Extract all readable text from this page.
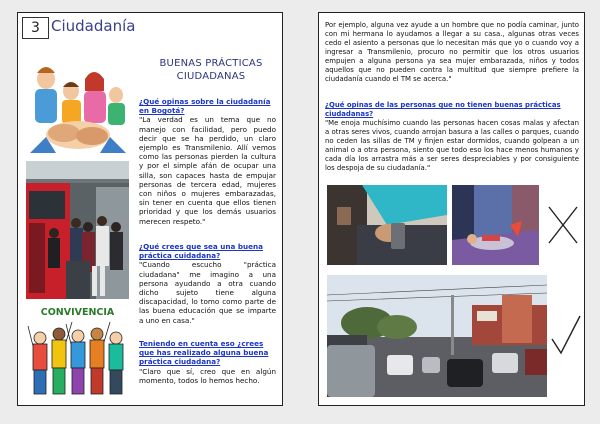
3 Ciudadanía
BUENAS PRÁCTICAS CIUDADANAS
CONVIVENCIA
¿Qué opinas sobre la ciudadanía en Bogotá?
"La verdad es un tema que no manejo con facilidad, pero puedo decir que se ha perdido, un claro ejemplo es Transmilenio. Allí vemos como las personas pierden la cultura y por el simple afán de ocupar una silla, son capaces hasta de empujar personas de tercera edad, mujeres con niños o mujeres embarazadas, sin tener en cuenta que ellos tienen prioridad y que los demás usuarios merecen respeto."
¿Qué crees que sea una buena práctica cuidadana?
"Cuando escucho "práctica ciudadana" me imagino a una persona ayudando a otra cuando dicho sujeto tiene alguna discapacidad, lo tomo como parte de las buena educación que se imparte a uno en casa."
Teniendo en cuenta eso ¿crees que has realizado alguna buena práctica ciudadana?
"Claro que sí, creo que en algún momento, todos lo hemos hecho.
Por ejemplo, alguna vez ayude a un hombre que no podía caminar, junto con mi hermana lo ayudamos a llegar a su casa., algunas otras veces cedo el asiento a personas que lo necesitan más que yo o cuando voy a ingresar a Transmilenio, procuro no permitir que los otros usuarios empujen a alguna persona ya sea mujer embarazada, niños y todos aquellos que no pueden contra la multitud que siempre prefiere la ciudadanía cuando el TM se acerca."
¿Qué opinas de las personas que no tienen buenas prácticas ciudadanas?
"Me enoja muchísimo cuando las personas hacen cosas malas y afectan a otras seres vivos, cuando arrojan basura a las calles o parques, cuando no ceden las sillas de TM y finjen estar dormidos, cuando golpean a un animal o a otra persona, siento que todo eso los hace menos humanos y cada día los arrastra más a ser seres despreciables y por consiguiente los despoja de su ciudadanía."
